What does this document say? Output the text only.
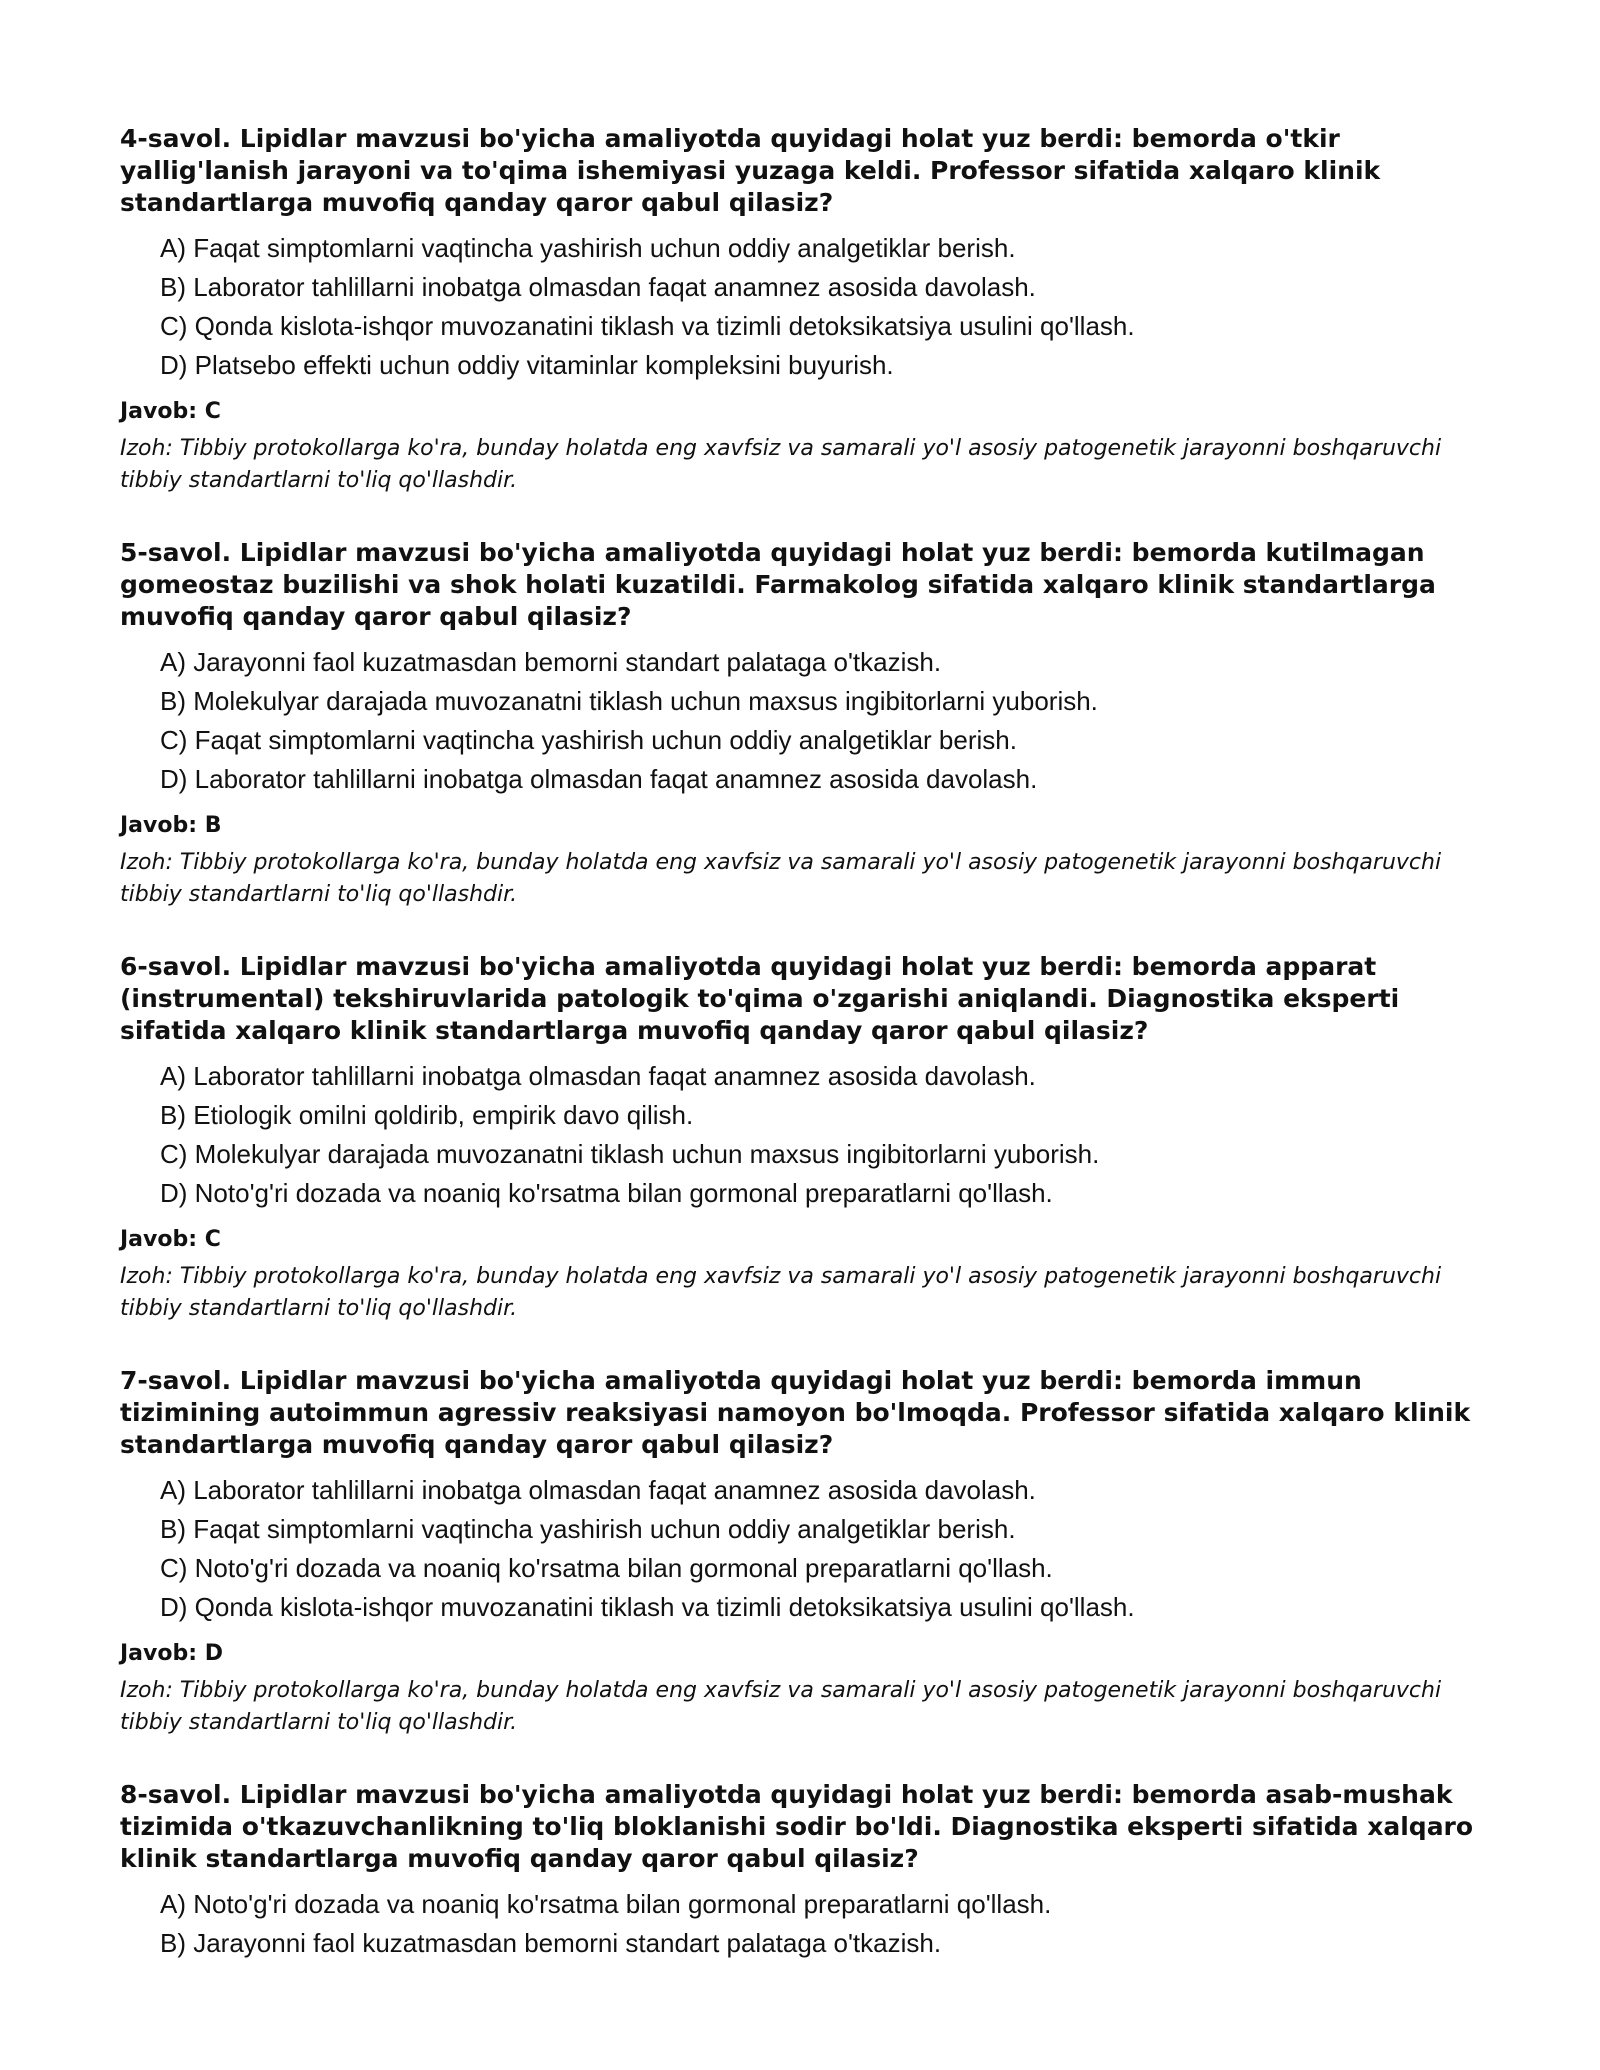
4-savol. Lipidlar mavzusi bo'yicha amaliyotda quyidagi holat yuz berdi: bemorda o'tkir yallig'lanish jarayoni va to'qima ishemiyasi yuzaga keldi. Professor sifatida xalqaro klinik standartlarga muvofiq qanday qaror qabul qilasiz?

A) Faqat simptomlarni vaqtincha yashirish uchun oddiy analgetiklar berish.
B) Laborator tahlillarni inobatga olmasdan faqat anamnez asosida davolash.
C) Qonda kislota-ishqor muvozanatini tiklash va tizimli detoksikatsiya usulini qo'llash.
D) Platsebo effekti uchun oddiy vitaminlar kompleksini buyurish.

Javob: C

Izoh: Tibbiy protokollarga ko'ra, bunday holatda eng xavfsiz va samarali yo'l asosiy patogenetik jarayonni boshqaruvchi tibbiy standartlarni to'liq qo'llashdir.

5-savol. Lipidlar mavzusi bo'yicha amaliyotda quyidagi holat yuz berdi: bemorda kutilmagan gomeostaz buzilishi va shok holati kuzatildi. Farmakolog sifatida xalqaro klinik standartlarga muvofiq qanday qaror qabul qilasiz?

A) Jarayonni faol kuzatmasdan bemorni standart palataga o'tkazish.
B) Molekulyar darajada muvozanatni tiklash uchun maxsus ingibitorlarni yuborish.
C) Faqat simptomlarni vaqtincha yashirish uchun oddiy analgetiklar berish.
D) Laborator tahlillarni inobatga olmasdan faqat anamnez asosida davolash.

Javob: B

Izoh: Tibbiy protokollarga ko'ra, bunday holatda eng xavfsiz va samarali yo'l asosiy patogenetik jarayonni boshqaruvchi tibbiy standartlarni to'liq qo'llashdir.

6-savol. Lipidlar mavzusi bo'yicha amaliyotda quyidagi holat yuz berdi: bemorda apparat (instrumental) tekshiruvlarida patologik to'qima o'zgarishi aniqlandi. Diagnostika eksperti sifatida xalqaro klinik standartlarga muvofiq qanday qaror qabul qilasiz?

A) Laborator tahlillarni inobatga olmasdan faqat anamnez asosida davolash.
B) Etiologik omilni qoldirib, empirik davo qilish.
C) Molekulyar darajada muvozanatni tiklash uchun maxsus ingibitorlarni yuborish.
D) Noto'g'ri dozada va noaniq ko'rsatma bilan gormonal preparatlarni qo'llash.

Javob: C

Izoh: Tibbiy protokollarga ko'ra, bunday holatda eng xavfsiz va samarali yo'l asosiy patogenetik jarayonni boshqaruvchi tibbiy standartlarni to'liq qo'llashdir.

7-savol. Lipidlar mavzusi bo'yicha amaliyotda quyidagi holat yuz berdi: bemorda immun tizimining autoimmun agressiv reaksiyasi namoyon bo'lmoqda. Professor sifatida xalqaro klinik standartlarga muvofiq qanday qaror qabul qilasiz?

A) Laborator tahlillarni inobatga olmasdan faqat anamnez asosida davolash.
B) Faqat simptomlarni vaqtincha yashirish uchun oddiy analgetiklar berish.
C) Noto'g'ri dozada va noaniq ko'rsatma bilan gormonal preparatlarni qo'llash.
D) Qonda kislota-ishqor muvozanatini tiklash va tizimli detoksikatsiya usulini qo'llash.

Javob: D

Izoh: Tibbiy protokollarga ko'ra, bunday holatda eng xavfsiz va samarali yo'l asosiy patogenetik jarayonni boshqaruvchi tibbiy standartlarni to'liq qo'llashdir.

8-savol. Lipidlar mavzusi bo'yicha amaliyotda quyidagi holat yuz berdi: bemorda asab-mushak tizimida o'tkazuvchanlikning to'liq bloklanishi sodir bo'ldi. Diagnostika eksperti sifatida xalqaro klinik standartlarga muvofiq qanday qaror qabul qilasiz?

A) Noto'g'ri dozada va noaniq ko'rsatma bilan gormonal preparatlarni qo'llash.
B) Jarayonni faol kuzatmasdan bemorni standart palataga o'tkazish.
